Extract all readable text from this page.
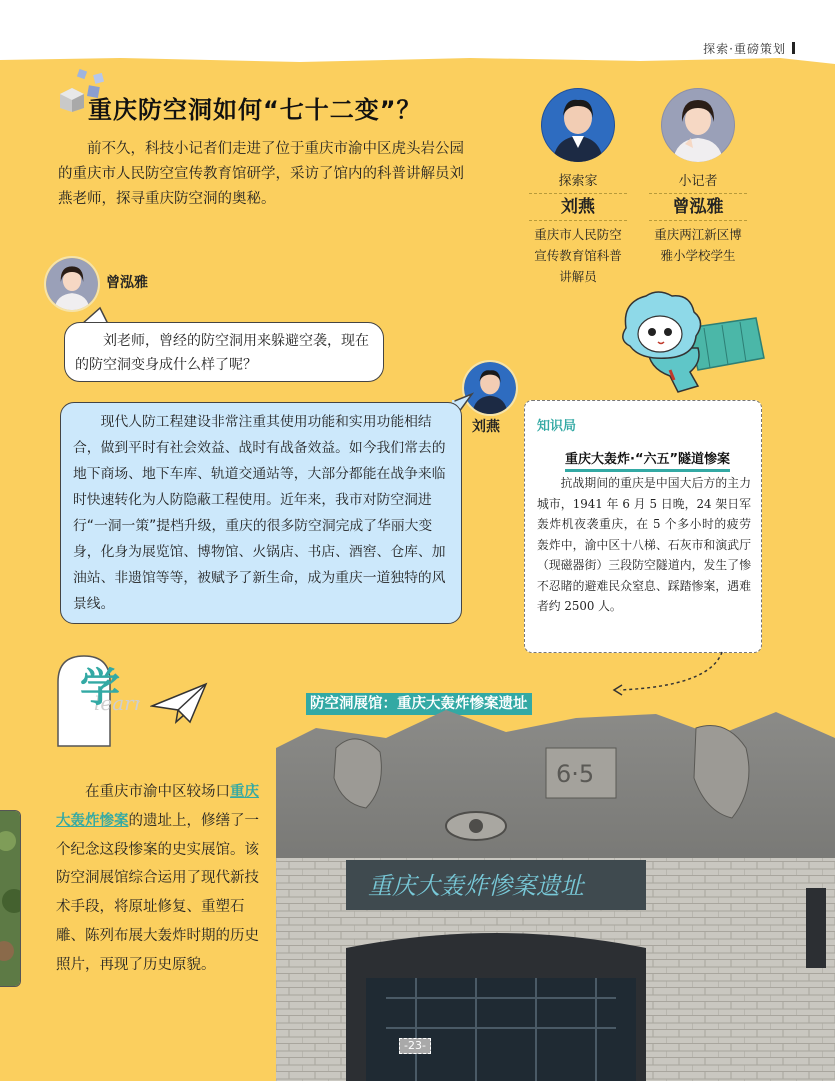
探索·重磅策划
重庆防空洞如何“七十二变”？

前不久，科技小记者们走进了位于重庆市渝中区虎头岩公园的重庆市人民防空宣传教育馆研学，采访了馆内的科普讲解员刘燕老师，探寻重庆防空洞的奥秘。

探索家
刘燕
重庆市人民防空宣传教育馆科普讲解员
小记者
曾泓雅
重庆两江新区博雅小学校学生
曾泓雅

刘老师，曾经的防空洞用来躲避空袭，现在的防空洞变身成什么样了呢？

刘燕

现代人防工程建设非常注重其使用功能和实用功能相结合，做到平时有社会效益、战时有战备效益。如今我们常去的地下商场、地下车库、轨道交通站等，大部分都能在战争来临时快速转化为人防隐蔽工程使用。近年来，我市对防空洞进行“一洞一策”提档升级，重庆的很多防空洞完成了华丽大变身，化身为展览馆、博物馆、火锅店、书店、酒窖、仓库、加油站、非遗馆等等，被赋予了新生命，成为重庆一道独特的风景线。

知识局
重庆大轰炸·“六五”隧道惨案

抗战期间的重庆是中国大后方的主力城市，1941 年 6 月 5 日晚，24 架日军轰炸机夜袭重庆，在 5 个多小时的疲劳轰炸中，渝中区十八梯、石灰市和演武厅（现磁器街）三段防空隧道内，发生了惨不忍睹的避难民众窒息、踩踏惨案，遇难者约 2500 人。

lear
学	防空洞展馆：重庆大轰炸惨案遗址
6·5
重庆大轰炸惨案遗址
-23-

在重庆市渝中区较场口重庆大轰炸惨案的遗址上，修缮了一个纪念这段惨案的史实展馆。该防空洞展馆综合运用了现代新技术手段，将原址修复、重塑石雕、陈列布展大轰炸时期的历史照片，再现了历史原貌。
